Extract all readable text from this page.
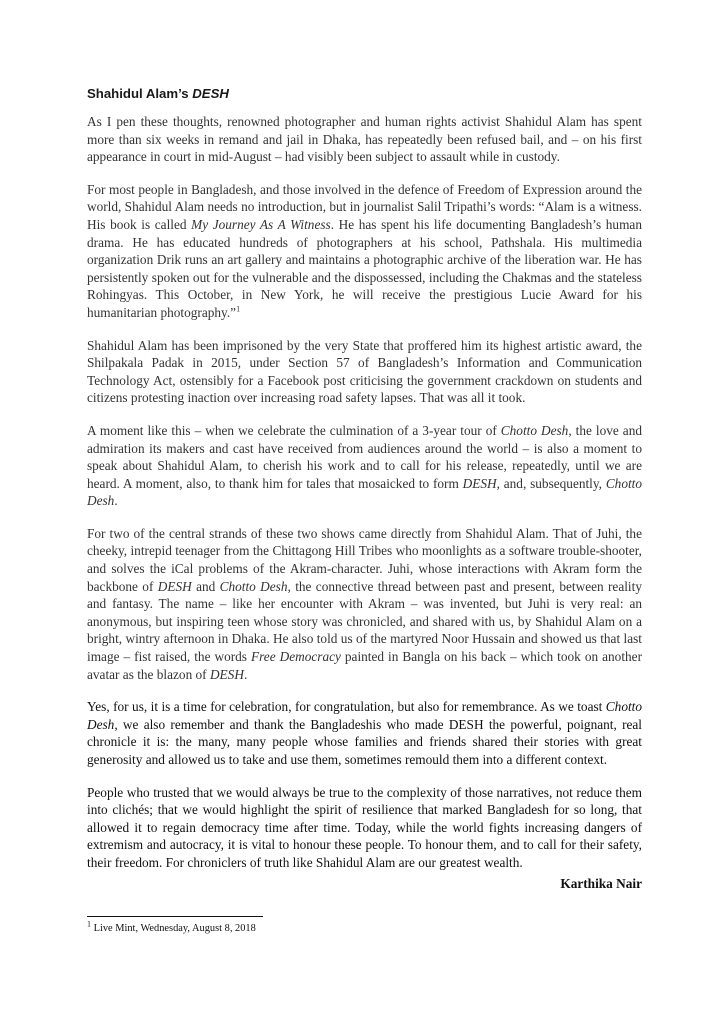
Shahidul Alam’s DESH

As I pen these thoughts, renowned photographer and human rights activist Shahidul Alam has spent more than six weeks in remand and jail in Dhaka, has repeatedly been refused bail, and – on his first appearance in court in mid-August – had visibly been subject to assault while in custody.

For most people in Bangladesh, and those involved in the defence of Freedom of Expression around the world, Shahidul Alam needs no introduction, but in journalist Salil Tripathi’s words: “Alam is a witness. His book is called My Journey As A Witness. He has spent his life documenting Bangladesh’s human drama. He has educated hundreds of photographers at his school, Pathshala. His multimedia organization Drik runs an art gallery and maintains a photographic archive of the liberation war. He has persistently spoken out for the vulnerable and the dispossessed, including the Chakmas and the stateless Rohingyas. This October, in New York, he will receive the prestigious Lucie Award for his humanitarian photography.”$^1$

Shahidul Alam has been imprisoned by the very State that proffered him its highest artistic award, the Shilpakala Padak in 2015, under Section 57 of Bangladesh’s Information and Communication Technology Act, ostensibly for a Facebook post criticising the government crackdown on students and citizens protesting inaction over increasing road safety lapses. That was all it took.

A moment like this – when we celebrate the culmination of a 3-year tour of Chotto Desh, the love and admiration its makers and cast have received from audiences around the world – is also a moment to speak about Shahidul Alam, to cherish his work and to call for his release, repeatedly, until we are heard. A moment, also, to thank him for tales that mosaicked to form DESH, and, subsequently, Chotto Desh.

For two of the central strands of these two shows came directly from Shahidul Alam. That of Juhi, the cheeky, intrepid teenager from the Chittagong Hill Tribes who moonlights as a software trouble-shooter, and solves the iCal problems of the Akram-character. Juhi, whose interactions with Akram form the backbone of DESH and Chotto Desh, the connective thread between past and present, between reality and fantasy. The name – like her encounter with Akram – was invented, but Juhi is very real: an anonymous, but inspiring teen whose story was chronicled, and shared with us, by Shahidul Alam on a bright, wintry afternoon in Dhaka. He also told us of the martyred Noor Hussain and showed us that last image – fist raised, the words Free Democracy painted in Bangla on his back – which took on another avatar as the blazon of DESH.

Yes, for us, it is a time for celebration, for congratulation, but also for remembrance. As we toast Chotto Desh, we also remember and thank the Bangladeshis who made DESH the powerful, poignant, real chronicle it is: the many, many people whose families and friends shared their stories with great generosity and allowed us to take and use them, sometimes remould them into a different context.

People who trusted that we would always be true to the complexity of those narratives, not reduce them into clichés; that we would highlight the spirit of resilience that marked Bangladesh for so long, that allowed it to regain democracy time after time. Today, while the world fights increasing dangers of extremism and autocracy, it is vital to honour these people. To honour them, and to call for their safety, their freedom. For chroniclers of truth like Shahidul Alam are our greatest wealth.

Karthika Nair
$^1$ Live Mint, Wednesday, August 8, 2018
